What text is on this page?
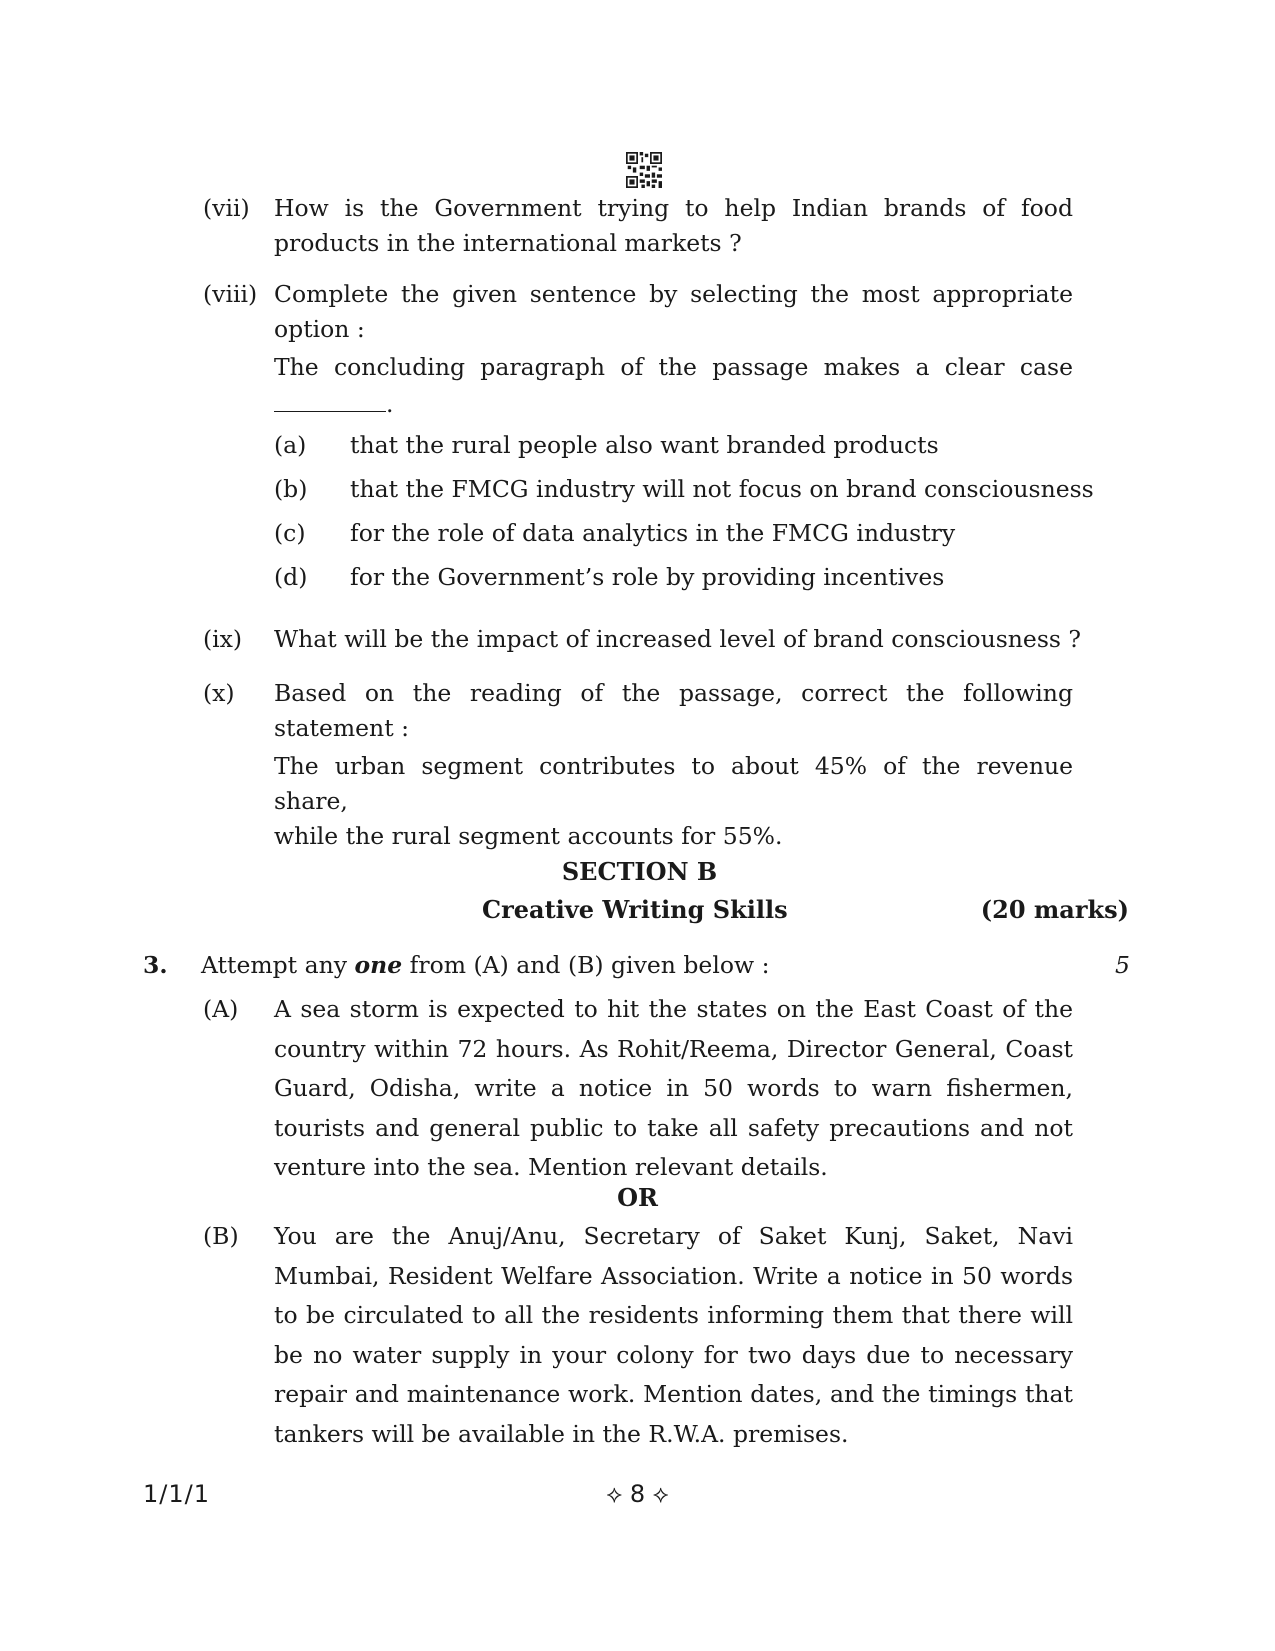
(vii) How is the Government trying to help Indian brands of food
products in the international markets ?
(viii) Complete the given sentence by selecting the most appropriate
option :
The concluding paragraph of the passage makes a clear case
.
(a) that the rural people also want branded products
(b) that the FMCG industry will not focus on brand consciousness
(c) for the role of data analytics in the FMCG industry
(d) for the Government’s role by providing incentives
(ix) What will be the impact of increased level of brand consciousness ?
(x) Based on the reading of the passage, correct the following
statement :
The urban segment contributes to about 45% of the revenue share,
while the rural segment accounts for 55%.
SECTION B
Creative Writing Skills	(20 marks)
3. Attempt any one from (A) and (B) given below :	5
(A) A sea storm is expected to hit the states on the East Coast of the country within 72 hours. As Rohit/Reema, Director General, Coast Guard, Odisha, write a notice in 50 words to warn fishermen, tourists and general public to take all safety precautions and not venture into the sea. Mention relevant details.
OR
(B) You are the Anuj/Anu, Secretary of Saket Kunj, Saket, Navi Mumbai, Resident Welfare Association. Write a notice in 50 words to be circulated to all the residents informing them that there will be no water supply in your colony for two days due to necessary repair and maintenance work. Mention dates, and the timings that tankers will be available in the R.W.A. premises.
1/1/1	⟡ 8 ⟡
